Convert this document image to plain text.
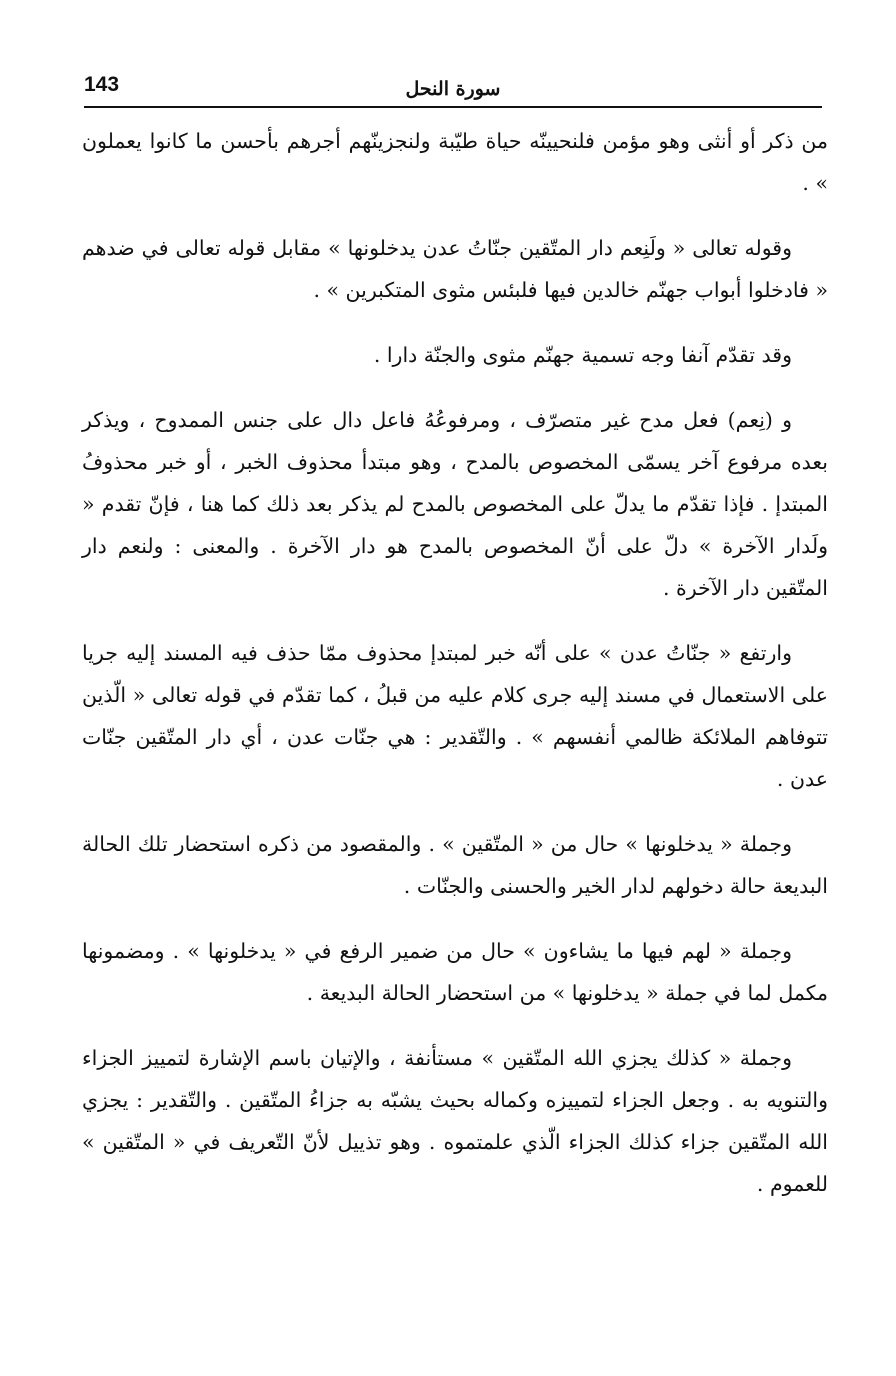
143	سورة النحل

من ذكر أو أنثى وهو مؤمن فلنحيينّه حياة طيّبة ولنجزينّهم أجرهم بأحسن ما كانوا يعملون » .

وقوله تعالى « ولَنِعم دار المتّقين جنّاتُ عدن يدخلونها » مقابل قوله تعالى في ضدهم « فادخلوا أبواب جهنّم خالدين فيها فلبئس مثوى المتكبرين » .

وقد تقدّم آنفا وجه تسمية جهنّم مثوى والجنّة دارا .

و (نِعم) فعل مدح غير متصرّف ، ومرفوعُهُ فاعل دال على جنس الممدوح ، ويذكر بعده مرفوع آخر يسمّى المخصوص بالمدح ، وهو مبتدأ محذوف الخبر ، أو خبر محذوفُ المبتدإ . فإذا تقدّم ما يدلّ على المخصوص بالمدح لم يذكر بعد ذلك كما هنا ، فإنّ تقدم « ولَدار الآخرة » دلّ على أنّ المخصوص بالمدح هو دار الآخرة . والمعنى : ولنعم دار المتّقين دار الآخرة .

وارتفع « جنّاتُ عدن » على أنّه خبر لمبتدإ محذوف ممّا حذف فيه المسند إليه جريا على الاستعمال في مسند إليه جرى كلام عليه من قبلُ ، كما تقدّم في قوله تعالى « الّذين تتوفاهم الملائكة ظالمي أنفسهم » . والتّقدير : هي جنّات عدن ، أي دار المتّقين جنّات عدن .

وجملة « يدخلونها » حال من « المتّقين » . والمقصود من ذكره استحضار تلك الحالة البديعة حالة دخولهم لدار الخير والحسنى والجنّات .

وجملة « لهم فيها ما يشاءون » حال من ضمير الرفع في « يدخلونها » . ومضمونها مكمل لما في جملة « يدخلونها » من استحضار الحالة البديعة .

وجملة « كذلك يجزي الله المتّقين » مستأنفة ، والإتيان باسم الإشارة لتمييز الجزاء والتنويه به . وجعل الجزاء لتمييزه وكماله بحيث يشبّه به جزاءُ المتّقين . والتّقدير : يجزي الله المتّقين جزاء كذلك الجزاء الّذي علمتموه . وهو تذييل لأنّ التّعريف في « المتّقين » للعموم .
